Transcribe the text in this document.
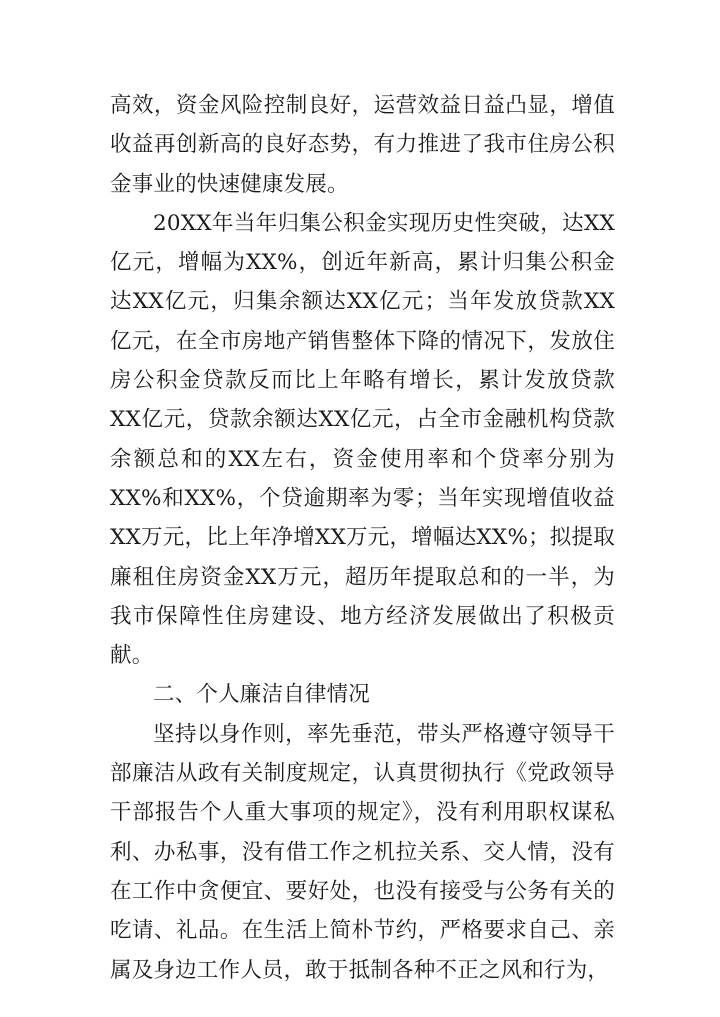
高效，资金风险控制良好，运营效益日益凸显，增值收益再创新高的良好态势，有力推进了我市住房公积金事业的快速健康发展。

20XX年当年归集公积金实现历史性突破，达XX亿元，增幅为XX%，创近年新高，累计归集公积金达XX亿元，归集余额达XX亿元；当年发放贷款XX亿元，在全市房地产销售整体下降的情况下，发放住房公积金贷款反而比上年略有增长，累计发放贷款XX亿元，贷款余额达XX亿元，占全市金融机构贷款余额总和的XX左右，资金使用率和个贷率分别为XX%和XX%，个贷逾期率为零；当年实现增值收益XX万元，比上年净增XX万元，增幅达XX%；拟提取廉租住房资金XX万元，超历年提取总和的一半，为我市保障性住房建设、地方经济发展做出了积极贡献。

二、个人廉洁自律情况

坚持以身作则，率先垂范，带头严格遵守领导干部廉洁从政有关制度规定，认真贯彻执行《党政领导干部报告个人重大事项的规定》，没有利用职权谋私利、办私事，没有借工作之机拉关系、交人情，没有在工作中贪便宜、要好处，也没有接受与公务有关的吃请、礼品。在生活上简朴节约，严格要求自己、亲属及身边工作人员，敢于抵制各种不正之风和行为，
